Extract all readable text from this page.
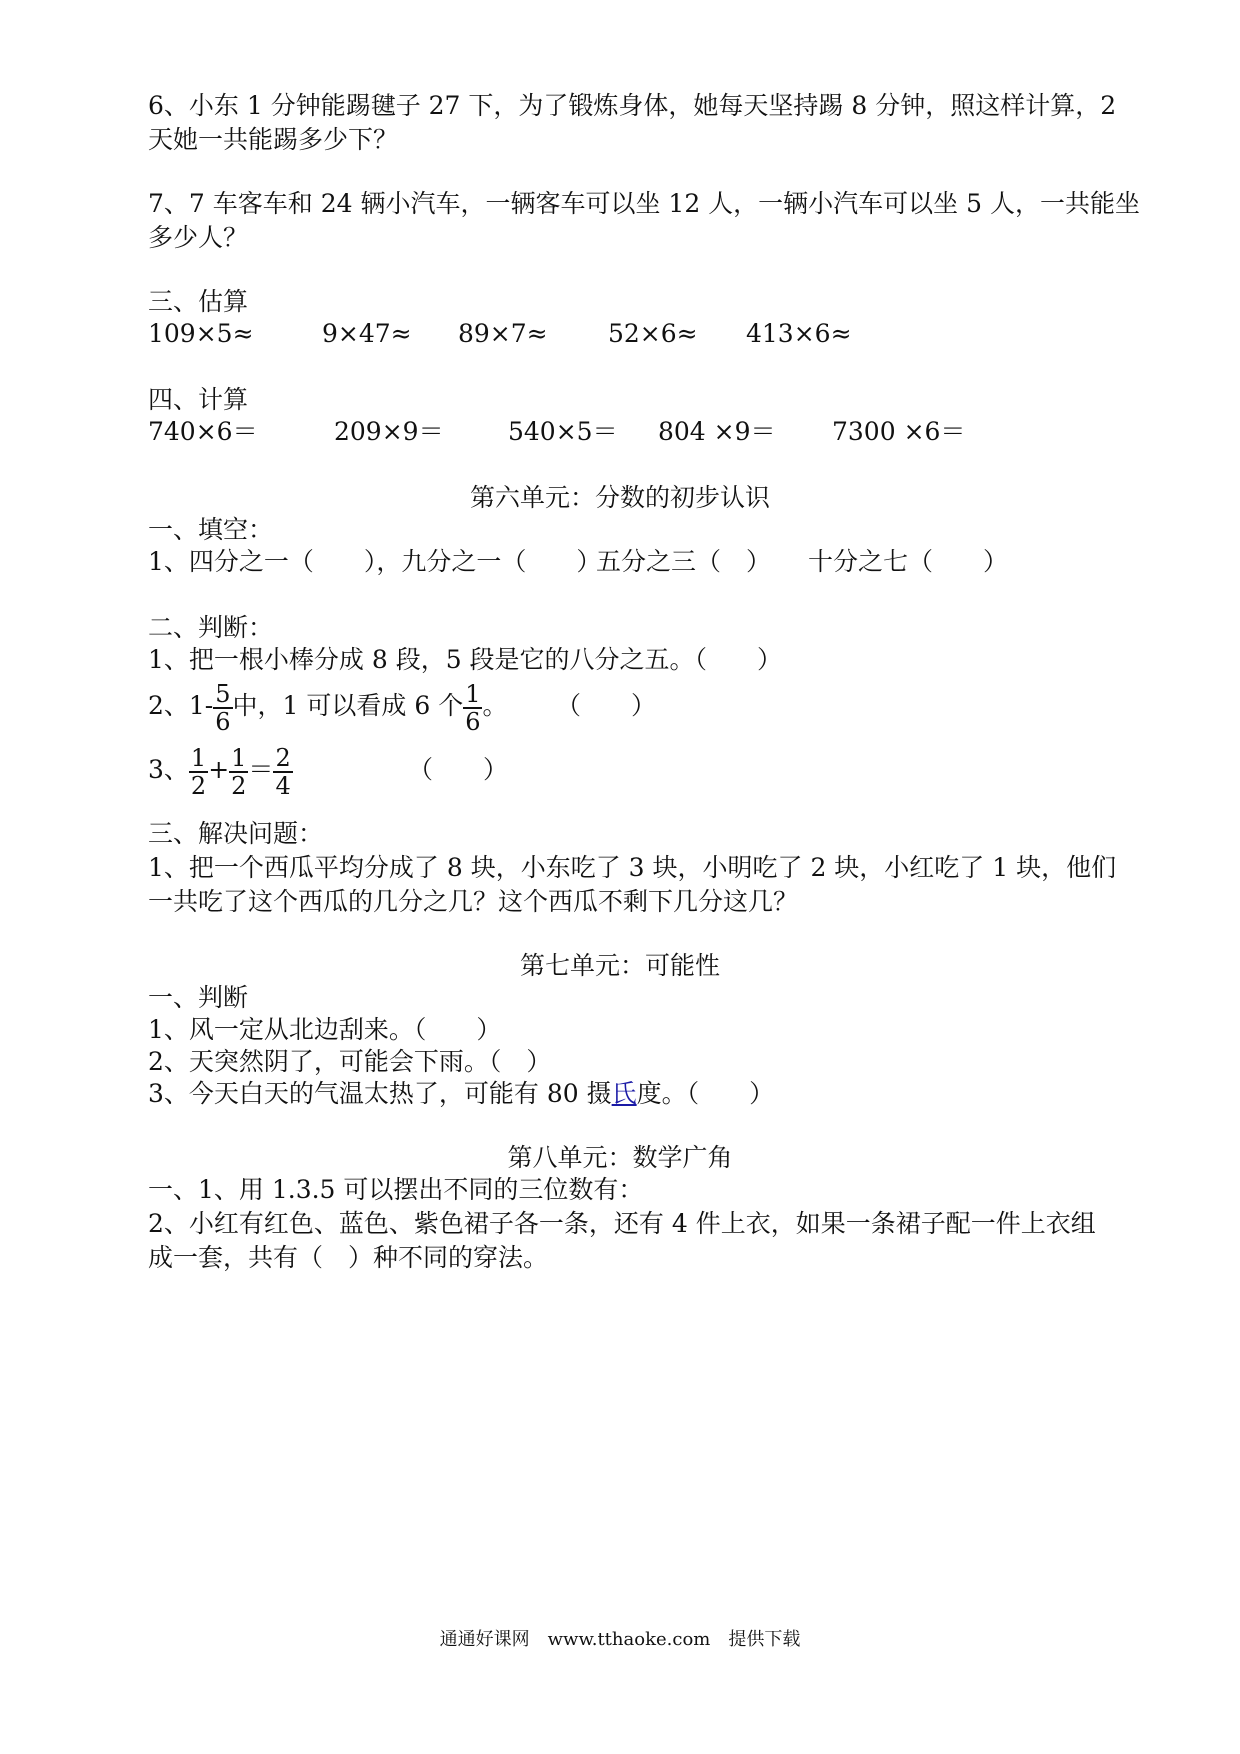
6、小东 1 分钟能踢毽子 27 下，为了锻炼身体，她每天坚持踢 8 分钟，照这样计算，2
天她一共能踢多少下？
7、7 车客车和 24 辆小汽车，一辆客车可以坐 12 人，一辆小汽车可以坐 5 人，一共能坐
多少人？
三、估算
109×5≈	9×47≈ 89×7≈ 52×6≈ 413×6≈
四、计算
740×6＝	209×9＝	540×5＝ 804 ×9＝ 7300 ×6＝
第六单元：分数的初步认识
一、填空：
1、四分之一（　　），九分之一（　　）
五分之三（　） 十分之七（　　）
二、判断：
1、把一根小棒分成 8 段，5 段是它的八分之五。（　　）
2、$1- \frac{5}{6}$ 中，1 可以看成 6 个 $\frac{1}{6}$ 。 （　　）
3、 $\frac{1}{2} + \frac{1}{2} = \frac{2}{4}$	（　　）
三、解决问题：
1、把一个西瓜平均分成了 8 块，小东吃了 3 块，小明吃了 2 块，小红吃了 1 块，他们
一共吃了这个西瓜的几分之几？这个西瓜不剩下几分这几？
第七单元：可能性
一、判断
1、风一定从北边刮来。（　　）
2、天突然阴了，可能会下雨。（　）
3、今天白天的气温太热了，可能有 80 摄氏度。（　　）
第八单元：数学广角
一、1、用 1.3.5 可以摆出不同的三位数有：
2、小红有红色、蓝色、紫色裙子各一条，还有 4 件上衣，如果一条裙子配一件上衣组
成一套，共有（　）种不同的穿法。
通通好课网　www.tthaoke.com　提供下载
